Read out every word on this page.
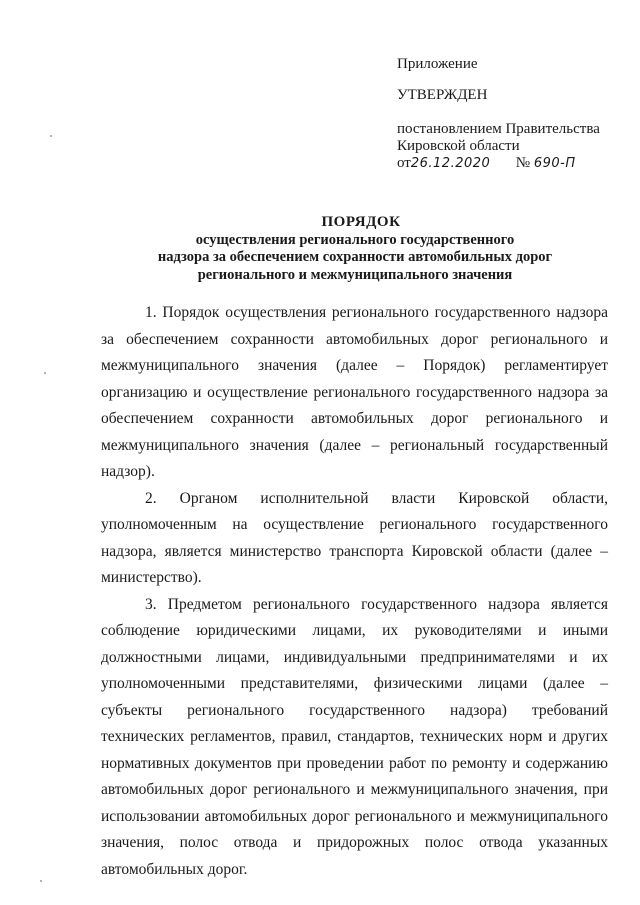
Приложение
УТВЕРЖДЕН
постановлением Правительства
Кировской области
от26.12.2020 № 690-П
ПОРЯДОК
осуществления регионального государственного
надзора за обеспечением сохранности автомобильных дорог
регионального и межмуниципального значения

1. Порядок осуществления регионального государственного надзора за обеспечением сохранности автомобильных дорог регионального и межмуниципального значения (далее – Порядок) регламентирует организацию и осуществление регионального государственного надзора за обеспечением сохранности автомобильных дорог регионального и межмуниципального значения (далее – региональный государственный надзор).

2. Органом исполнительной власти Кировской области, уполномоченным на осуществление регионального государственного надзора, является министерство транспорта Кировской области (далее – министерство).

3. Предметом регионального государственного надзора является соблюдение юридическими лицами, их руководителями и иными должностными лицами, индивидуальными предпринимателями и их уполномоченными представителями, физическими лицами (далее – субъекты регионального государственного надзора) требований технических регламентов, правил, стандартов, технических норм и других нормативных документов при проведении работ по ремонту и содержанию автомобильных дорог регионального и межмуниципального значения, при использовании автомобильных дорог регионального и межмуниципального значения, полос отвода и придорожных полос отвода указанных автомобильных дорог.
